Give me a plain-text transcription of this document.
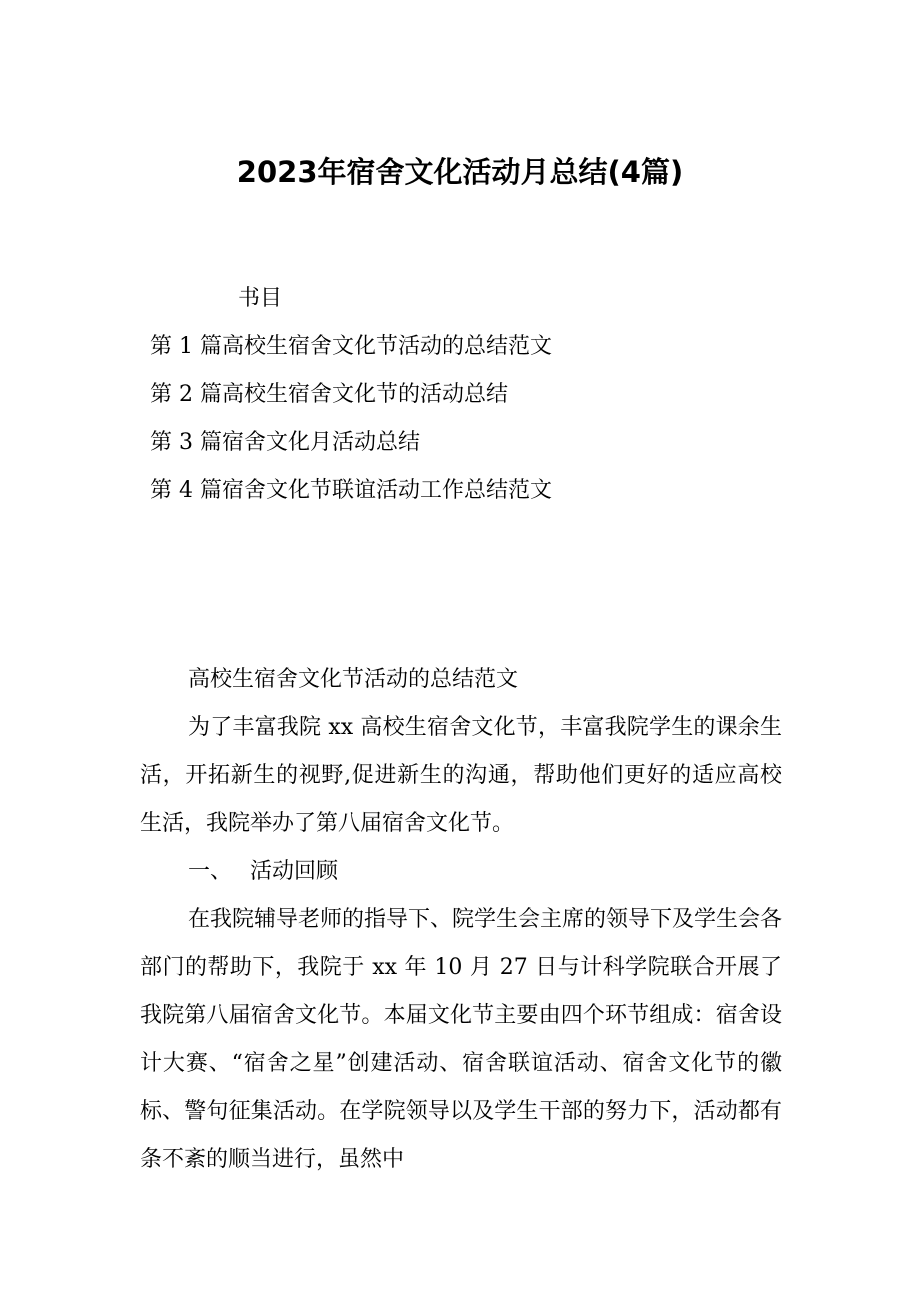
2023年宿舍文化活动月总结(4篇)
书目
第 1 篇高校生宿舍文化节活动的总结范文
第 2 篇高校生宿舍文化节的活动总结
第 3 篇宿舍文化月活动总结
第 4 篇宿舍文化节联谊活动工作总结范文

高校生宿舍文化节活动的总结范文

为了丰富我院 xx 高校生宿舍文化节，丰富我院学生的课余生活，开拓新生的视野,促进新生的沟通，帮助他们更好的适应高校生活，我院举办了第八届宿舍文化节。

一、 活动回顾

在我院辅导老师的指导下、院学生会主席的领导下及学生会各部门的帮助下，我院于 xx 年 10 月 27 日与计科学院联合开展了我院第八届宿舍文化节。本届文化节主要由四个环节组成：宿舍设计大赛、“宿舍之星”创建活动、宿舍联谊活动、宿舍文化节的徽标、警句征集活动。在学院领导以及学生干部的努力下，活动都有条不紊的顺当进行，虽然中
